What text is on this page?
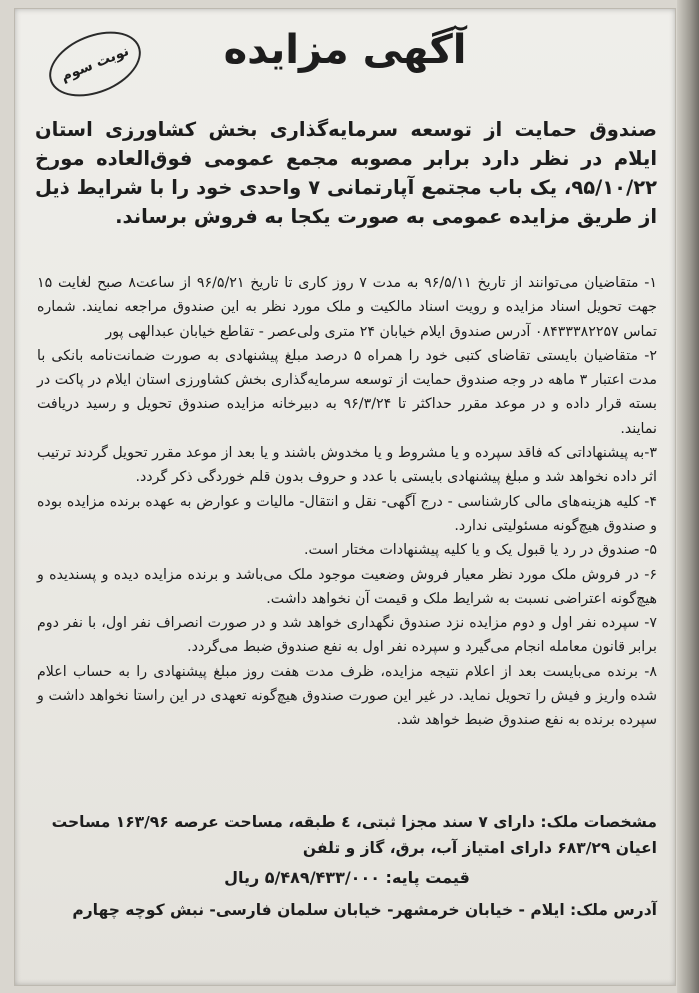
آگهی مزایده
نوبت سوم
صندوق حمایت از توسعه سرمایه‌گذاری بخش کشاورزی استان ایلام در نظر دارد برابر مصوبه مجمع عمومی فوق‌العاده مورخ ۹۵/۱۰/۲۲، یک باب مجتمع آپارتمانی ۷ واحدی خود را با شرایط ذیل از طریق مزایده عمومی به صورت یکجا به فروش برساند.

۱- متقاضیان می‌توانند از تاریخ ۹۶/۵/۱۱ به مدت ۷ روز کاری تا تاریخ ۹۶/۵/۲۱ از ساعت۸ صبح لغایت ۱۵ جهت تحویل اسناد مزایده و رویت اسناد مالکیت و ملک مورد نظر به این صندوق مراجعه نمایند. شماره تماس ۰۸۴۳۳۳۸۲۲۵۷ آدرس صندوق ایلام خیابان ۲۴ متری ولی‌عصر - تقاطع خیابان عبدالهی پور

۲- متقاضیان بایستی تقاضای کتبی خود را همراه ۵ درصد مبلغ پیشنهادی به صورت ضمانت‌نامه بانکی با مدت اعتبار ۳ ماهه در وجه صندوق حمایت از توسعه سرمایه‌گذاری بخش کشاورزی استان ایلام در پاکت در بسته قرار داده و در موعد مقرر حداکثر تا ۹۶/۳/۲۴ به دبیرخانه مزایده صندوق تحویل و رسید دریافت نمایند.

۳-به پیشنهاداتی که فاقد سپرده و یا مشروط و یا مخدوش باشند و یا بعد از موعد مقرر تحویل گردند ترتیب اثر داده نخواهد شد و مبلغ پیشنهادی بایستی با عدد و حروف بدون قلم خوردگی ذکر گردد.

۴- کلیه هزینه‌های مالی کارشناسی - درج آگهی- نقل و انتقال- مالیات و عوارض به عهده برنده مزایده بوده و صندوق هیچ‌گونه مسئولیتی ندارد.

۵- صندوق در رد یا قبول یک و یا کلیه پیشنهادات مختار است.

۶- در فروش ملک مورد نظر معیار فروش وضعیت موجود ملک می‌باشد و برنده مزایده دیده و پسندیده و هیچ‌گونه اعتراضی نسبت به شرایط ملک و قیمت آن نخواهد داشت.

۷- سپرده نفر اول و دوم مزایده نزد صندوق نگهداری خواهد شد و در صورت انصراف نفر اول، با نفر دوم برابر قانون معامله انجام می‌گیرد و سپرده نفر اول به نفع صندوق ضبط می‌گردد.

۸- برنده می‌بایست بعد از اعلام نتیجه مزایده، ظرف مدت هفت روز مبلغ پیشنهادی را به حساب اعلام شده واریز و فیش را تحویل نماید. در غیر این صورت صندوق هیچ‌گونه تعهدی در این راستا نخواهد داشت و سپرده برنده به نفع صندوق ضبط خواهد شد.

مشخصات ملک: دارای ۷ سند مجزا ثبتی، ٤ طبقه، مساحت عرصه ۱۶۳/۹۶ مساحت اعیان ۶۸۳/۲۹ دارای امتیاز آب، برق، گاز و تلفن

قیمت پایه: ۵/۴۸۹/۴۳۳/۰۰۰ ریال

آدرس ملک: ایلام - خیابان خرمشهر- خیابان سلمان فارسی- نبش کوچه چهارم
